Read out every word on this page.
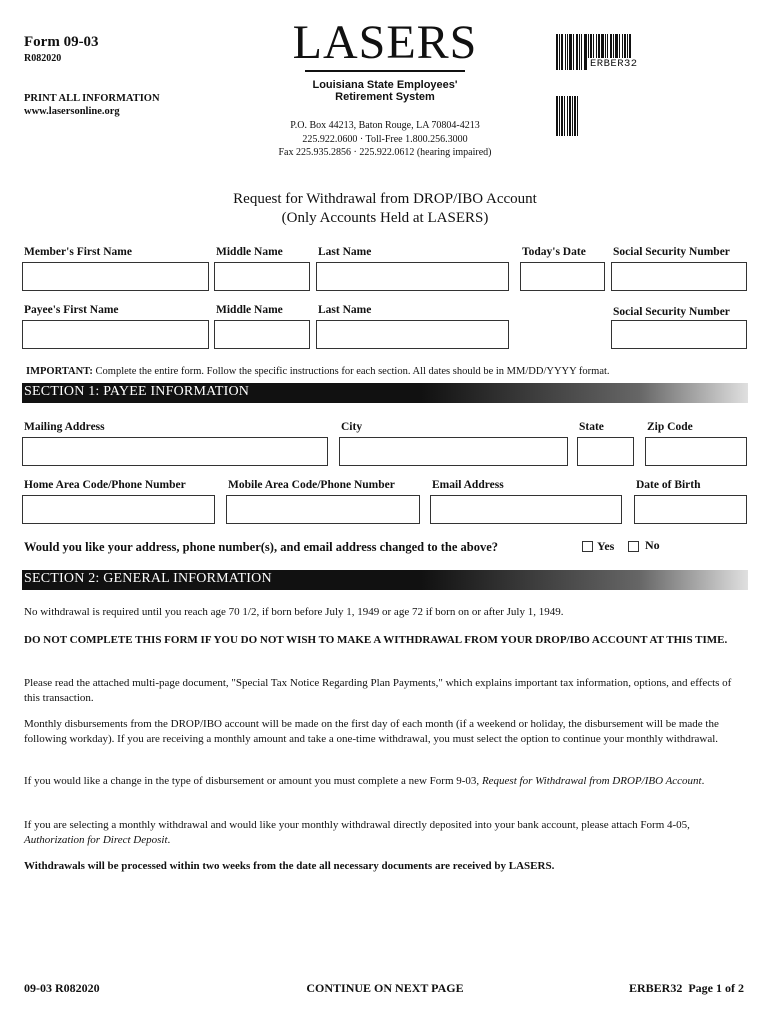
Form 09-03
R082020
PRINT ALL INFORMATION
www.lasersonline.org
LASERS
Louisiana State Employees'
Retirement System
P.O. Box 44213, Baton Rouge, LA 70804-4213
225.922.0600 · Toll-Free 1.800.256.3000
Fax 225.935.2856 · 225.922.0612 (hearing impaired)
ERBER32
Request for Withdrawal from DROP/IBO Account
(Only Accounts Held at LASERS)
Member's First Name	Middle Name	Last Name	Today's Date Social Security Number
Payee's First Name	Middle Name	Last Name	Social Security Number
IMPORTANT: Complete the entire form. Follow the specific instructions for each section. All dates should be in MM/DD/YYYY format.
SECTION 1: PAYEE INFORMATION
Mailing Address	City	State	Zip Code
Home Area Code/Phone Number	Mobile Area Code/Phone Number	Email Address	Date of Birth
Would you like your address, phone number(s), and email address changed to the above?	Yes	No
SECTION 2: GENERAL INFORMATION
No withdrawal is required until you reach age 70 1/2, if born before July 1, 1949 or age 72 if born on or after July 1, 1949.
DO NOT COMPLETE THIS FORM IF YOU DO NOT WISH TO MAKE A WITHDRAWAL FROM YOUR DROP/IBO ACCOUNT AT THIS TIME.
Please read the attached multi-page document, "Special Tax Notice Regarding Plan Payments," which explains important tax information, options, and effects of this transaction.
Monthly disbursements from the DROP/IBO account will be made on the first day of each month (if a weekend or holiday, the disbursement will be made the following workday). If you are receiving a monthly amount and take a one-time withdrawal, you must select the option to continue your monthly withdrawal.
If you would like a change in the type of disbursement or amount you must complete a new Form 9-03, Request for Withdrawal from DROP/IBO Account.
If you are selecting a monthly withdrawal and would like your monthly withdrawal directly deposited into your bank account, please attach Form 4-05, Authorization for Direct Deposit.
Withdrawals will be processed within two weeks from the date all necessary documents are received by LASERS.
09-03 R082020	CONTINUE ON NEXT PAGE	ERBER32  Page 1 of 2
